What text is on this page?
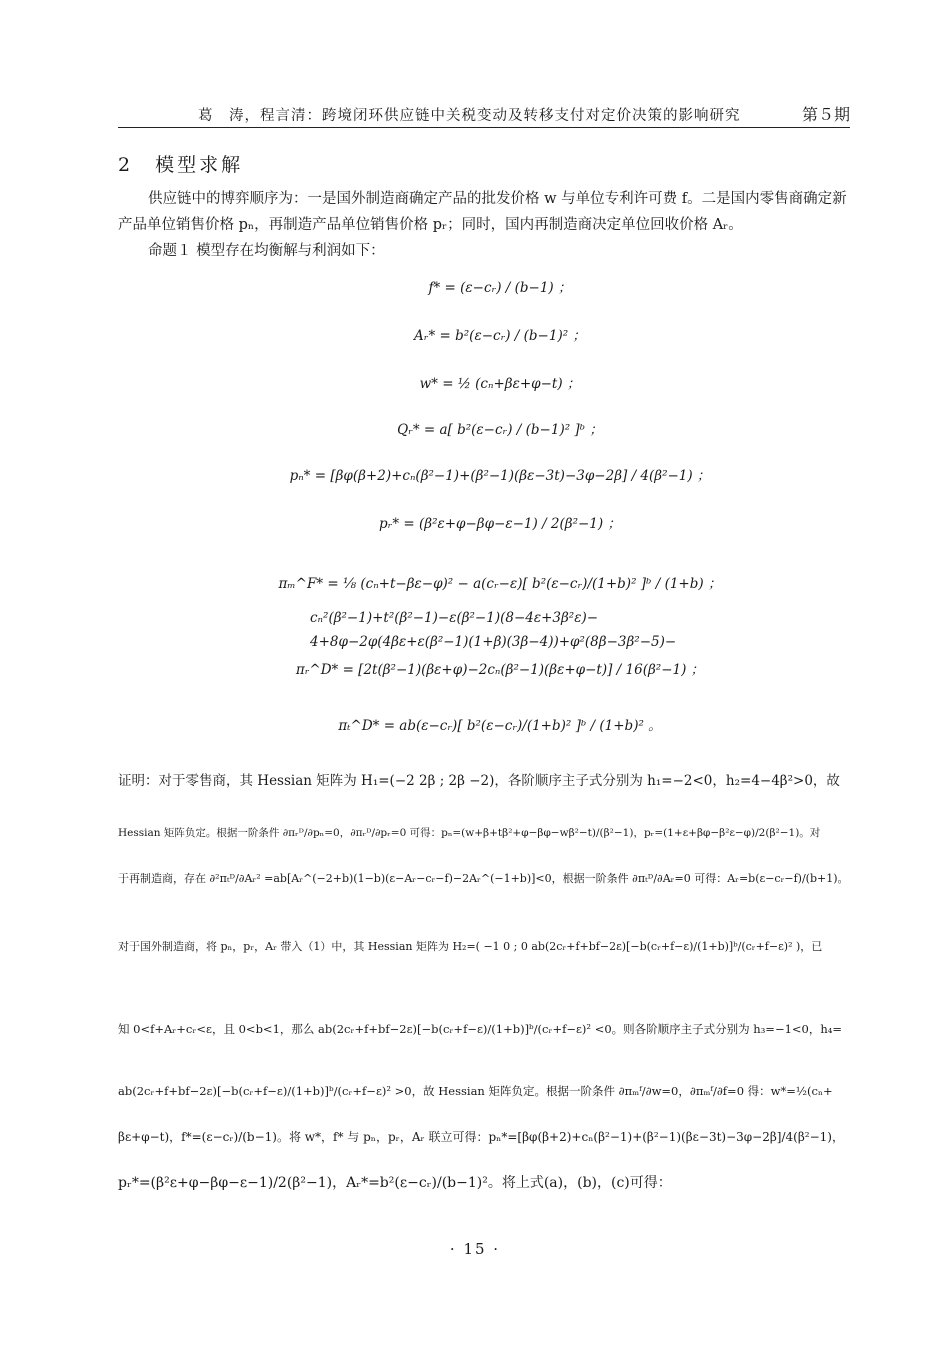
葛　涛，程言清：跨境闭环供应链中关税变动及转移支付对定价决策的影响研究	第５期
2　模型求解
供应链中的博弈顺序为：一是国外制造商确定产品的批发价格 w 与单位专利许可费 f。二是国内零售商确定新产品单位销售价格 pₙ，再制造产品单位销售价格 pᵣ；同时，国内再制造商决定单位回收价格 Aᵣ。
命题１ 模型存在均衡解与利润如下：
f* = (ε−cᵣ) / (b−1) ；
Aᵣ* = b²(ε−cᵣ) / (b−1)² ；
w* = ½ (cₙ+βε+φ−t) ；
Qᵣ* = a[ b²(ε−cᵣ) / (b−1)² ]ᵇ ；
pₙ* = [βφ(β+2)+cₙ(β²−1)+(β²−1)(βε−3t)−3φ−2β] / 4(β²−1) ；
pᵣ* = (β²ε+φ−βφ−ε−1) / 2(β²−1) ；
πₘ^F* = ⅛ (cₙ+t−βε−φ)² − a(cᵣ−ε)[ b²(ε−cᵣ)/(1+b)² ]ᵇ / (1+b) ；
cₙ²(β²−1)+t²(β²−1)−ε(β²−1)(8−4ε+3β²ε)−
4+8φ−2φ(4βε+ε(β²−1)(1+β)(3β−4))+φ²(8β−3β²−5)−
πᵣ^D* = [2t(β²−1)(βε+φ)−2cₙ(β²−1)(βε+φ−t)] / 16(β²−1) ；
πₜ^D* = ab(ε−cᵣ)[ b²(ε−cᵣ)/(1+b)² ]ᵇ / (1+b)² 。
证明：对于零售商，其 Hessian 矩阵为 H₁=(−2 2β ; 2β −2)，各阶顺序主子式分别为 h₁=−2<0，h₂=4−4β²>0，故
Hessian 矩阵负定。根据一阶条件 ∂πᵣᴰ/∂pₙ=0，∂πᵣᴰ/∂pᵣ=0 可得：pₙ=(w+β+tβ²+φ−βφ−wβ²−t)/(β²−1)，pᵣ=(1+ε+βφ−β²ε−φ)/2(β²−1)。对
于再制造商，存在 ∂²πₜᴰ/∂Aᵣ² =ab[Aᵣ^(−2+b)(1−b)(ε−Aᵣ−cᵣ−f)−2Aᵣ^(−1+b)]<0，根据一阶条件 ∂πₜᴰ/∂Aᵣ=0 可得：Aᵣ=b(ε−cᵣ−f)/(b+1)。
对于国外制造商，将 pₙ，pᵣ，Aᵣ 带入（1）中，其 Hessian 矩阵为 H₂=( −1 0 ; 0 ab(2cᵣ+f+bf−2ε)[−b(cᵣ+f−ε)/(1+b)]ᵇ/(cᵣ+f−ε)² )，已
知 0<f+Aᵣ+cᵣ<ε，且 0<b<1，那么 ab(2cᵣ+f+bf−2ε)[−b(cᵣ+f−ε)/(1+b)]ᵇ/(cᵣ+f−ε)² <0。则各阶顺序主子式分别为 h₃=−1<0，h₄=
ab(2cᵣ+f+bf−2ε)[−b(cᵣ+f−ε)/(1+b)]ᵇ/(cᵣ+f−ε)² >0，故 Hessian 矩阵负定。根据一阶条件 ∂πₘᶠ/∂w=0，∂πₘᶠ/∂f=0 得：w*=½(cₙ+
βε+φ−t)，f*=(ε−cᵣ)/(b−1)。将 w*，f* 与 pₙ，pᵣ，Aᵣ 联立可得：pₙ*=[βφ(β+2)+cₙ(β²−1)+(β²−1)(βε−3t)−3φ−2β]/4(β²−1)，
pᵣ*=(β²ε+φ−βφ−ε−1)/2(β²−1)，Aᵣ*=b²(ε−cᵣ)/(b−1)²。将上式(a)，(b)，(c)可得：
· 15 ·
